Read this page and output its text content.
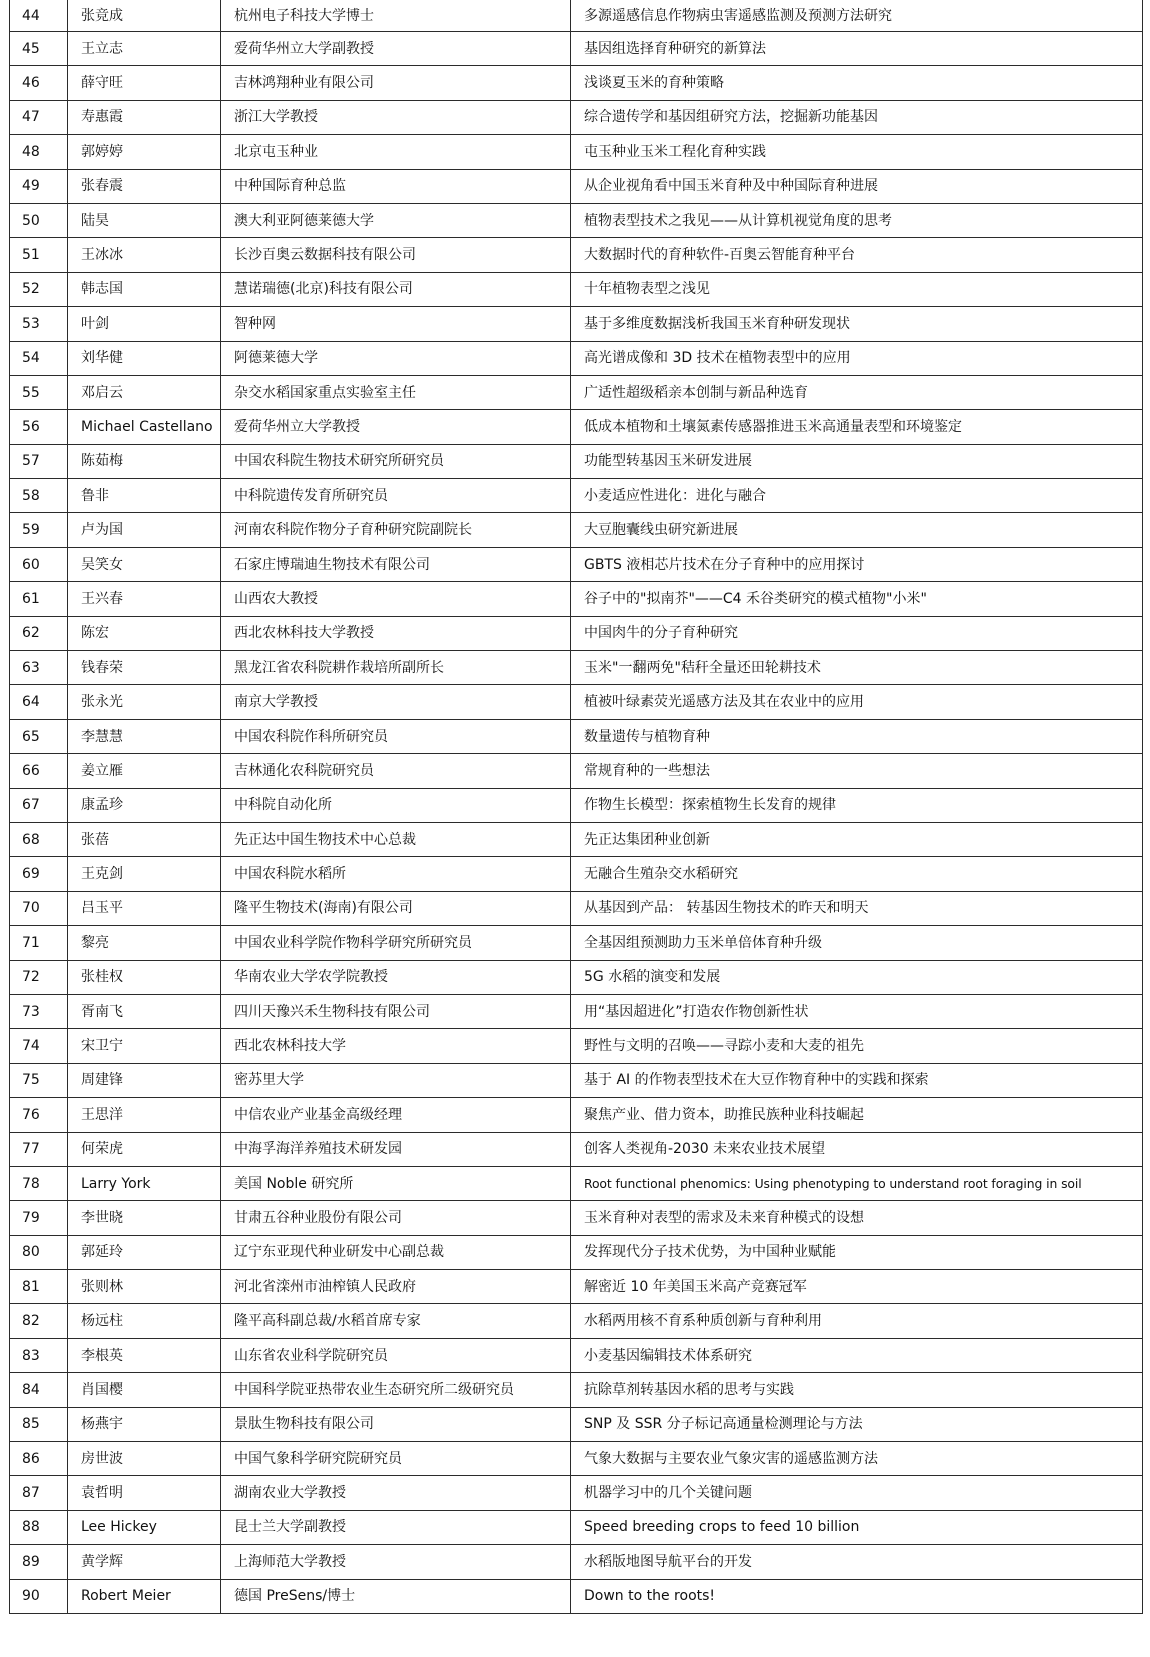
44	张竞成	杭州电子科技大学博士	多源遥感信息作物病虫害遥感监测及预测方法研究
45	王立志	爱荷华州立大学副教授	基因组选择育种研究的新算法
46	薛守旺	吉林鸿翔种业有限公司	浅谈夏玉米的育种策略
47	寿惠霞	浙江大学教授	综合遗传学和基因组研究方法，挖掘新功能基因
48	郭婷婷	北京屯玉种业	屯玉种业玉米工程化育种实践
49	张春震	中种国际育种总监	从企业视角看中国玉米育种及中种国际育种进展
50	陆昊	澳大利亚阿德莱德大学	植物表型技术之我见——从计算机视觉角度的思考
51	王冰冰	长沙百奥云数据科技有限公司	大数据时代的育种软件-百奥云智能育种平台
52	韩志国	慧诺瑞德(北京)科技有限公司	十年植物表型之浅见
53	叶剑	智种网	基于多维度数据浅析我国玉米育种研发现状
54	刘华健	阿德莱德大学	高光谱成像和 3D 技术在植物表型中的应用
55	邓启云	杂交水稻国家重点实验室主任	广适性超级稻亲本创制与新品种选育
56	Michael Castellano	爱荷华州立大学教授	低成本植物和土壤氮素传感器推进玉米高通量表型和环境鉴定
57	陈茹梅	中国农科院生物技术研究所研究员	功能型转基因玉米研发进展
58	鲁非	中科院遗传发育所研究员	小麦适应性进化：进化与融合
59	卢为国	河南农科院作物分子育种研究院副院长	大豆胞囊线虫研究新进展
60	吴笑女	石家庄博瑞迪生物技术有限公司	GBTS 液相芯片技术在分子育种中的应用探讨
61	王兴春	山西农大教授	谷子中的"拟南芥"——C4 禾谷类研究的模式植物"小米"
62	陈宏	西北农林科技大学教授	中国肉牛的分子育种研究
63	钱春荣	黑龙江省农科院耕作栽培所副所长	玉米"一翻两免"秸秆全量还田轮耕技术
64	张永光	南京大学教授	植被叶绿素荧光遥感方法及其在农业中的应用
65	李慧慧	中国农科院作科所研究员	数量遗传与植物育种
66	姜立雁	吉林通化农科院研究员	常规育种的一些想法
67	康孟珍	中科院自动化所	作物生长模型：探索植物生长发育的规律
68	张蓓	先正达中国生物技术中心总裁	先正达集团种业创新
69	王克剑	中国农科院水稻所	无融合生殖杂交水稻研究
70	吕玉平	隆平生物技术(海南)有限公司	从基因到产品： 转基因生物技术的昨天和明天
71	黎亮	中国农业科学院作物科学研究所研究员	全基因组预测助力玉米单倍体育种升级
72	张桂权	华南农业大学农学院教授	5G 水稻的演变和发展
73	胥南飞	四川天豫兴禾生物科技有限公司	用“基因超进化”打造农作物创新性状
74	宋卫宁	西北农林科技大学	野性与文明的召唤——寻踪小麦和大麦的祖先
75	周建锋	密苏里大学	基于 AI 的作物表型技术在大豆作物育种中的实践和探索
76	王思洋	中信农业产业基金高级经理	聚焦产业、借力资本，助推民族种业科技崛起
77	何荣虎	中海孚海洋养殖技术研发园	创客人类视角-2030 未来农业技术展望
78	Larry York	美国 Noble 研究所	Root functional phenomics: Using phenotyping to understand root foraging in soil
79	李世晓	甘肃五谷种业股份有限公司	玉米育种对表型的需求及未来育种模式的设想
80	郭延玲	辽宁东亚现代种业研发中心副总裁	发挥现代分子技术优势，为中国种业赋能
81	张则林	河北省滦州市油榨镇人民政府	解密近 10 年美国玉米高产竞赛冠军
82	杨远柱	隆平高科副总裁/水稻首席专家	水稻两用核不育系种质创新与育种利用
83	李根英	山东省农业科学院研究员	小麦基因编辑技术体系研究
84	肖国樱	中国科学院亚热带农业生态研究所二级研究员	抗除草剂转基因水稻的思考与实践
85	杨燕宇	景肽生物科技有限公司	SNP 及 SSR 分子标记高通量检测理论与方法
86	房世波	中国气象科学研究院研究员	气象大数据与主要农业气象灾害的遥感监测方法
87	袁哲明	湖南农业大学教授	机器学习中的几个关键问题
88	Lee Hickey	昆士兰大学副教授	Speed breeding crops to feed 10 billion
89	黄学辉	上海师范大学教授	水稻版地图导航平台的开发
90	Robert Meier	德国 PreSens/博士	Down to the roots!
